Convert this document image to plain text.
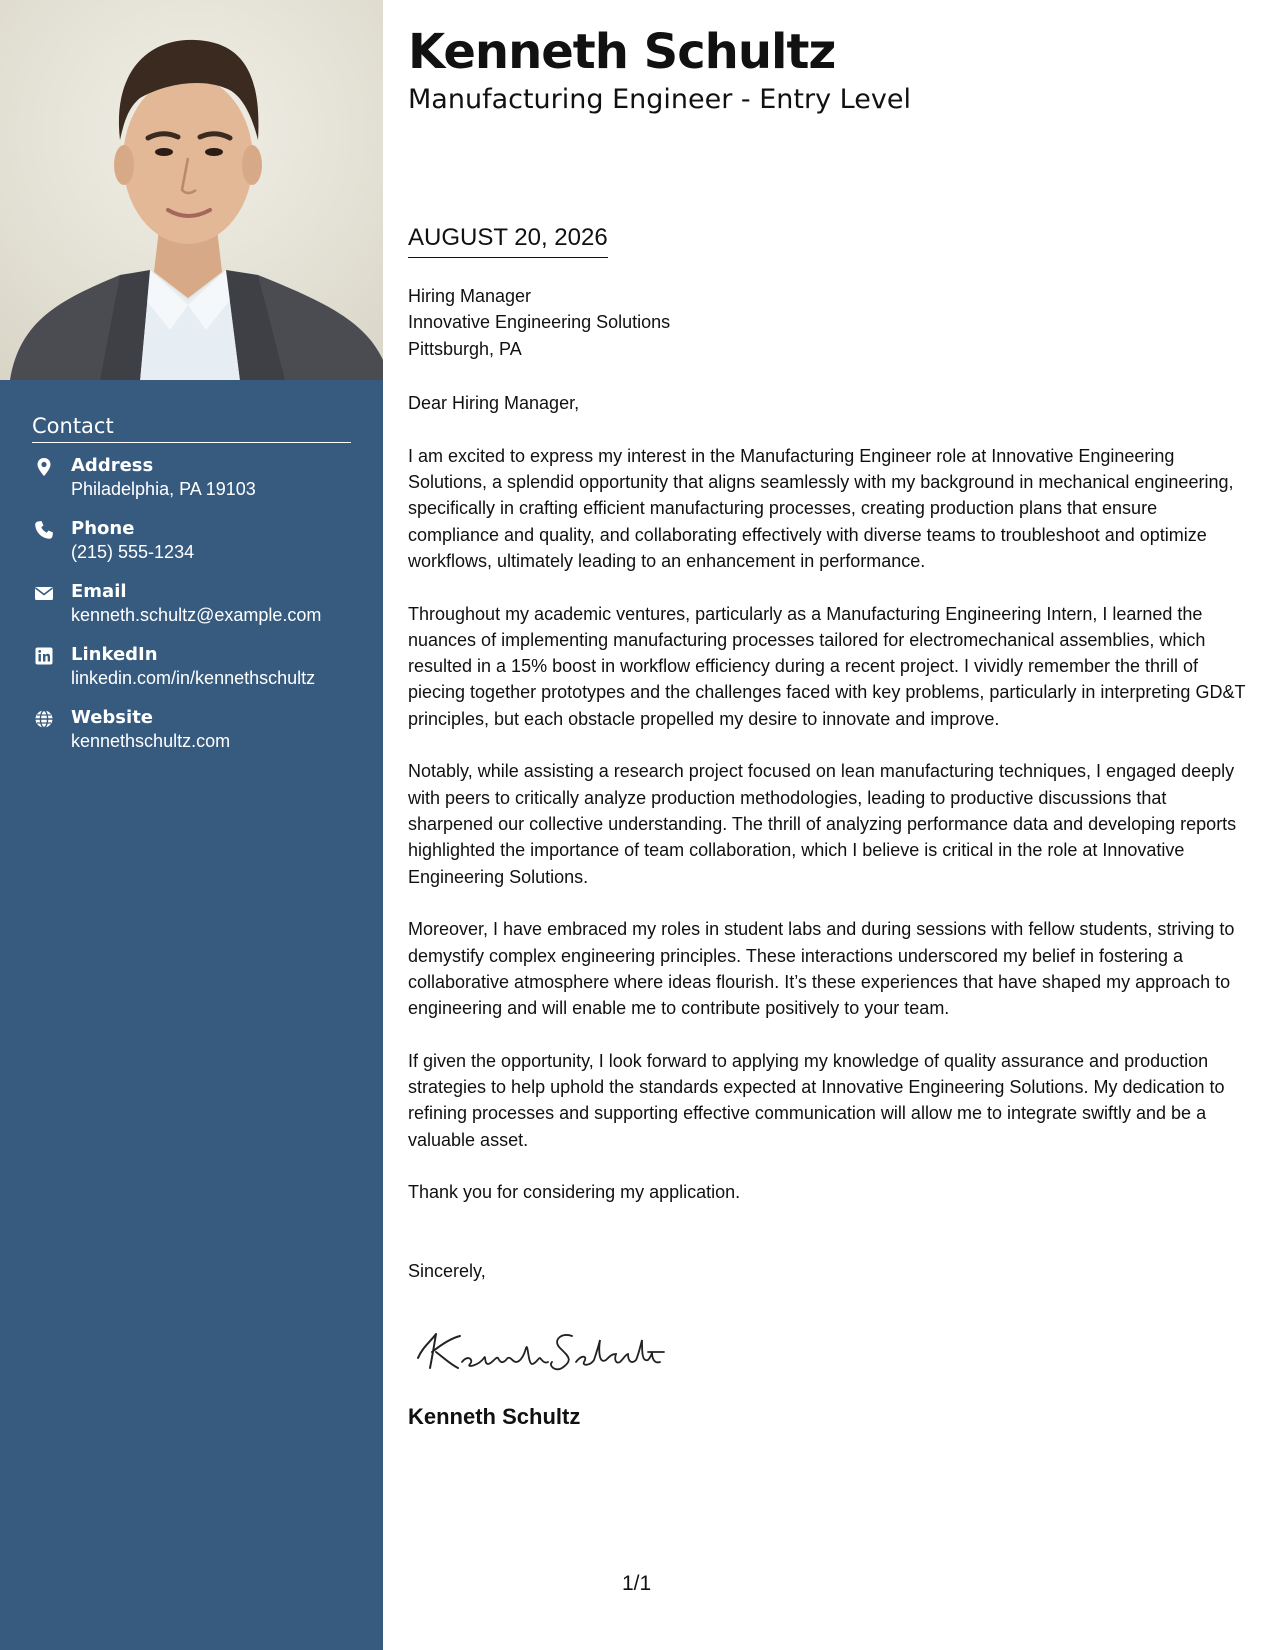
Contact
Address
Philadelphia, PA 19103
Phone
(215) 555-1234
Email
kenneth.schultz@example.com
LinkedIn
linkedin.com/in/kennethschultz
Website
kennethschultz.com
Kenneth Schultz
Manufacturing Engineer - Entry Level
AUGUST 20, 2026
Hiring Manager
Innovative Engineering Solutions
Pittsburgh, PA

Dear Hiring Manager,

I am excited to express my interest in the Manufacturing Engineer role at Innovative Engineering Solutions, a splendid opportunity that aligns seamlessly with my background in mechanical engineering, specifically in crafting efficient manufacturing processes, creating production plans that ensure compliance and quality, and collaborating effectively with diverse teams to troubleshoot and optimize workflows, ultimately leading to an enhancement in performance.

Throughout my academic ventures, particularly as a Manufacturing Engineering Intern, I learned the nuances of implementing manufacturing processes tailored for electromechanical assemblies, which resulted in a 15% boost in workflow efficiency during a recent project. I vividly remember the thrill of piecing together prototypes and the challenges faced with key problems, particularly in interpreting GD&T principles, but each obstacle propelled my desire to innovate and improve.

Notably, while assisting a research project focused on lean manufacturing techniques, I engaged deeply with peers to critically analyze production methodologies, leading to productive discussions that sharpened our collective understanding. The thrill of analyzing performance data and developing reports highlighted the importance of team collaboration, which I believe is critical in the role at Innovative Engineering Solutions.

Moreover, I have embraced my roles in student labs and during sessions with fellow students, striving to demystify complex engineering principles. These interactions underscored my belief in fostering a collaborative atmosphere where ideas flourish. It’s these experiences that have shaped my approach to engineering and will enable me to contribute positively to your team.

If given the opportunity, I look forward to applying my knowledge of quality assurance and production strategies to help uphold the standards expected at Innovative Engineering Solutions. My dedication to refining processes and supporting effective communication will allow me to integrate swiftly and be a valuable asset.

Thank you for considering my application.

Sincerely,
Kenneth Schultz
1/1
